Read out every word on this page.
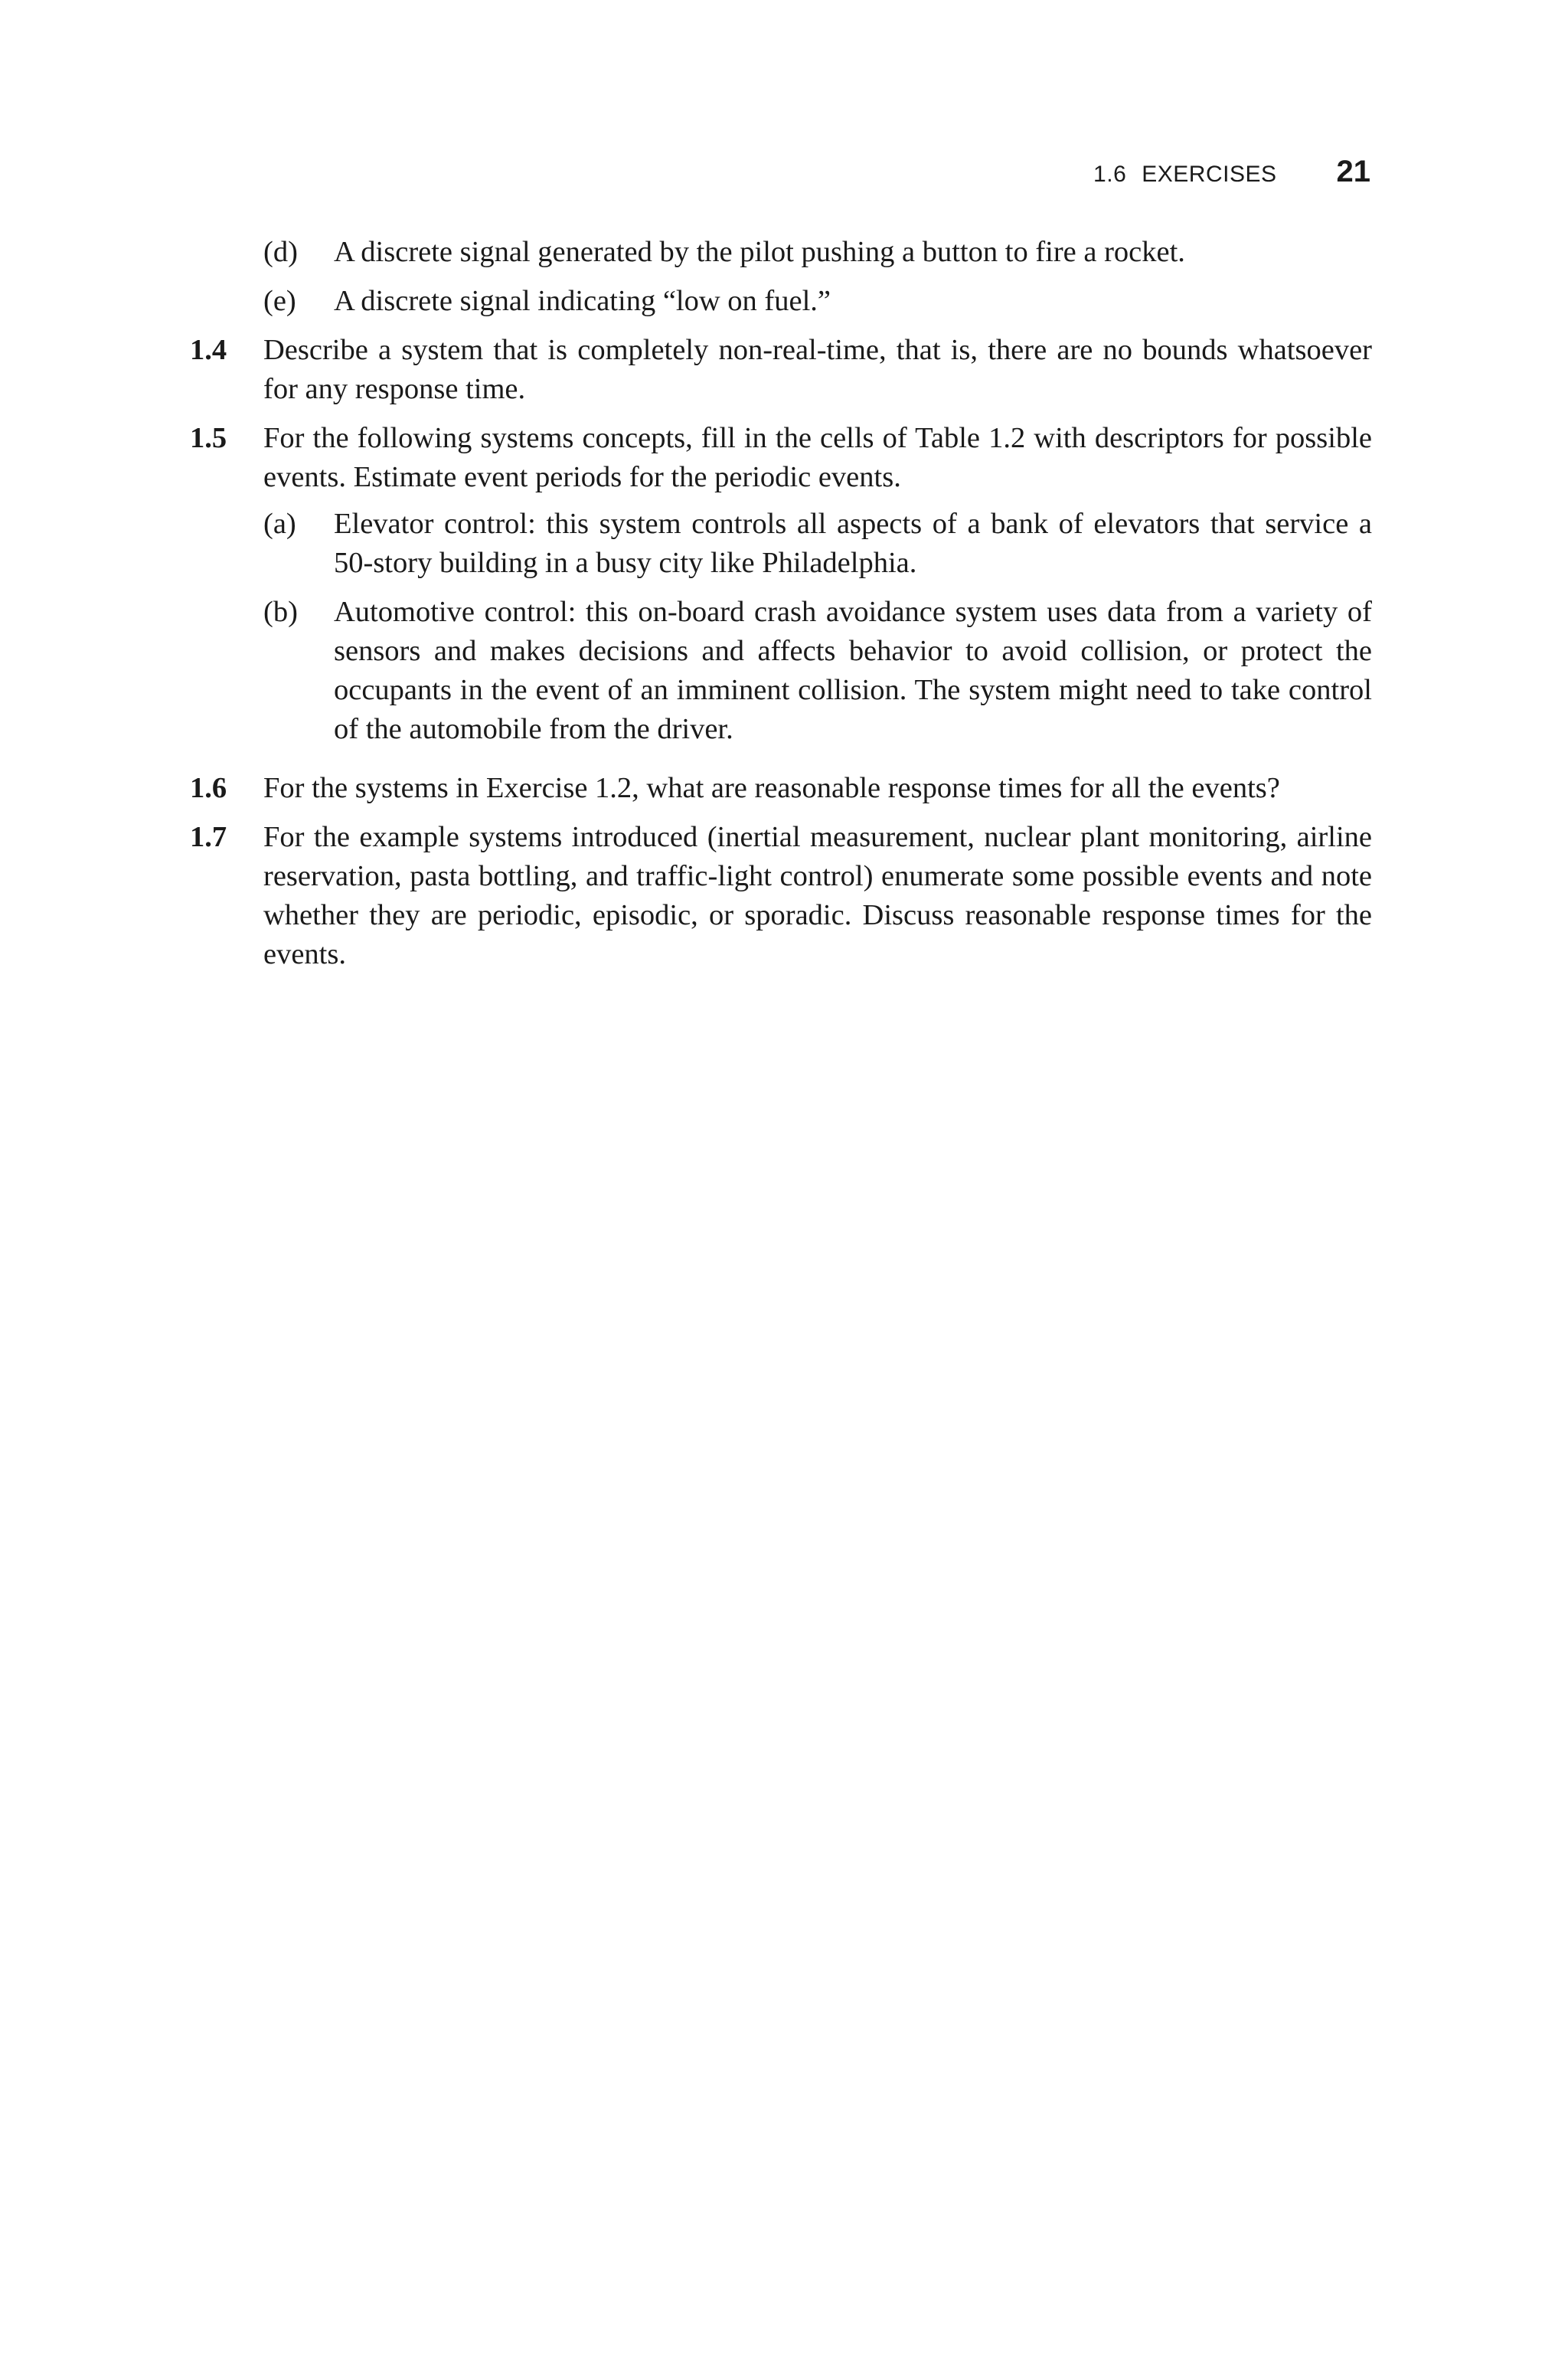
1.6 EXERCISES 21
(d)	A discrete signal generated by the pilot pushing a button to fire a rocket.
(e)	A discrete signal indicating “low on fuel.”
1.4	Describe a system that is completely non-real-time, that is, there are no bounds whatsoever for any response time.
1.5	For the following systems concepts, fill in the cells of Table 1.2 with descriptors for possible events. Estimate event periods for the periodic events.
(a)	Elevator control: this system controls all aspects of a bank of elevators that service a 50-story building in a busy city like Philadelphia.
(b)	Automotive control: this on-board crash avoidance system uses data from a variety of sensors and makes decisions and affects behavior to avoid collision, or protect the occupants in the event of an imminent collision. The system might need to take control of the automobile from the driver.
1.6	For the systems in Exercise 1.2, what are reasonable response times for all the events?
1.7	For the example systems introduced (inertial measurement, nuclear plant monitoring, airline reservation, pasta bottling, and traffic-light control) enumerate some possible events and note whether they are periodic, episodic, or sporadic. Discuss reasonable response times for the events.
